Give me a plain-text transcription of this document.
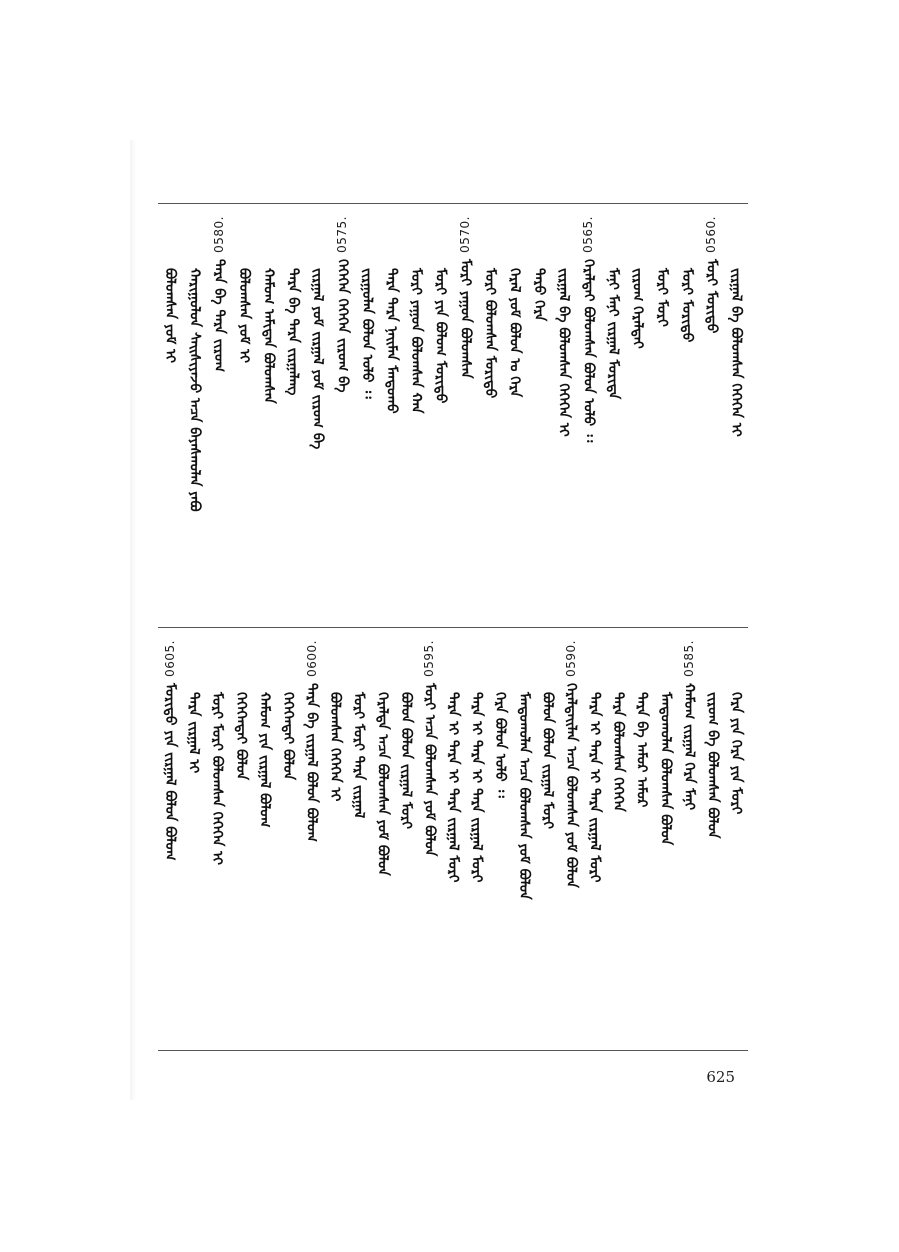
ᠪᠣᠯᠣᠭᠰᠠᠨ ᠶᠤᠮ ᠢ ᠬᠠᠷᠢᠭᠤᠯᠤᠨ ᠰᠠᠢᠰᠢᠶᠠᠵᠤ ᠠᠴᠠ ᠪᠠᠶᠠᠰᠬᠤᠯᠠᠨ ᠶᠠᠪᠤ
0580.
ᠲᠡᠷᠡ ᠪᠡ ᠲᠡᠷᠡ ᠵᠢᠷᠤᠭ ᠪᠣᠯᠣᠭᠰᠠᠨ ᠶᠤᠮ ᠢ ᠬᠠᠮᠤᠭ ᠠᠮᠢᠲᠠᠨ ᠪᠣᠯᠣᠭᠰᠠᠨ ᠲᠡᠷᠡ ᠪᠡ ᠲᠡᠷᠡ ᠵᠢᠷᠭᠠᠯᠠᠩ ᠵᠢᠷᠭᠠᠯ ᠶᠤᠮ ᠵᠢᠷᠭᠠᠯ ᠶᠤᠮ ᠵᠢᠷᠤᠭ ᠪᠠ
0575.
ᠭᠡᠭᠡᠭᠡᠨ ᠭᠡᠭᠡᠭᠡᠨ ᠵᠢᠷᠤᠭ ᠪᠠ ᠵᠢᠷᠭᠤᠯᠠᠨ ᠪᠣᠯᠤᠨ ᠤᠯᠤ ᠄᠄ ᠲᠡᠷᠡ ᠲᠡᠷᠡ ᠨᠠᠢᠮᠠᠨ ᠮᠠᠨᠳᠤᠬᠤ ᠮᠣᠷᠢ ᠶᠠᠭᠤᠨ ᠪᠣᠯᠤᠭᠰᠠᠨ ᠬᠠᠨ ᠮᠣᠷᠢ ᠶᠢᠨ ᠪᠣᠯᠤᠭ ᠮᠣᠷᠢᠲᠤ
0570.
ᠮᠣᠷᠢ ᠶᠠᠭᠤᠨ ᠪᠣᠯᠣᠭᠰᠠᠨ ᠮᠣᠷᠢ ᠪᠣᠯᠣᠭᠰᠠᠨ ᠮᠣᠷᠢᠲᠤ ᠭᠡᠷᠡᠯ ᠶᠤᠮ ᠪᠣᠯᠤᠨ ᠤ ᠭᠡᠷᠡ ᠳᠠᠷᠤ ᠭᠡᠷᠡ ᠵᠢᠷᠭᠠᠯ ᠪᠡ ᠪᠣᠯᠣᠭᠰᠠᠨ ᠭᠡᠭᠡᠭᠡᠨ ᠢ
0565.
ᠭᠡᠷᠡᠯᠲᠡᠢ ᠪᠣᠯᠣᠭᠰᠠᠨ ᠪᠣᠯᠤᠨ ᠤᠯᠤ ᠄᠄ ᠮᠠᠨᠢ ᠮᠠᠨᠢ ᠵᠢᠷᠭᠠᠯ ᠮᠣᠷᠢᠳᠠ ᠵᠢᠷᠤᠭ ᠭᠡᠷᠡᠯᠲᠡᠢ ᠮᠣᠷᠢ ᠮᠣᠷᠢ ᠮᠣᠷᠢ ᠮᠣᠷᠢᠲᠤ
0560.
ᠮᠣᠷᠢ ᠮᠣᠷᠢᠲᠤ ᠵᠢᠷᠭᠠᠯ ᠪᠡ ᠪᠣᠯᠣᠭᠰᠠᠨ ᠭᠡᠭᠡᠭᠡᠨ ᠢ
0605.
ᠮᠣᠷᠢᠲᠤ ᠶᠢᠨ ᠵᠢᠷᠭᠠᠯ ᠪᠣᠯᠤᠨ ᠪᠣᠯᠤᠭ ᠲᠡᠷᠡ ᠵᠢᠷᠭᠠᠯ ᠢ ᠮᠣᠷᠢ ᠮᠣᠷᠢ ᠪᠣᠯᠣᠭᠰᠠᠨ ᠭᠡᠭᠡᠭᠡᠨ ᠢ ᠭᠡᠭᠡᠭᠡᠨᠲᠡᠢ ᠪᠣᠯᠤᠨ ᠬᠠᠮᠤᠭ ᠶᠢᠨ ᠵᠢᠷᠭᠠᠯ ᠪᠣᠯᠤᠭ ᠭᠡᠭᠡᠭᠡᠨᠲᠡᠢ ᠪᠣᠯᠤᠨ
0600.
ᠲᠡᠷᠡ ᠪᠡ ᠵᠢᠷᠭᠠᠯ ᠪᠣᠯᠤᠨ ᠪᠣᠯᠤᠭ ᠪᠣᠯᠣᠭᠰᠠᠨ ᠭᠡᠭᠡᠭᠡᠨ ᠢ ᠮᠣᠷᠢ ᠮᠣᠷᠢ ᠲᠡᠷᠡ ᠵᠢᠷᠭᠠᠯ ᠭᠡᠷᠡᠯᠲᠡ ᠠᠴᠠ ᠪᠣᠯᠣᠭᠰᠠᠨ ᠶᠤᠮ ᠪᠣᠯᠤᠨ ᠪᠣᠯᠤᠨ ᠪᠣᠯᠤᠨ ᠵᠢᠷᠭᠠᠯ ᠮᠣᠷᠢ
0595.
ᠮᠣᠷᠢ ᠠᠴᠠ ᠪᠣᠯᠣᠭᠰᠠᠨ ᠶᠤᠮ ᠪᠣᠯᠤᠨ ᠲᠡᠷᠡ ᠢ ᠲᠡᠷᠡ ᠢ ᠲᠡᠷᠡ ᠵᠢᠷᠭᠠᠯ ᠮᠣᠷᠢ ᠲᠡᠷᠡ ᠢ ᠲᠡᠷᠡ ᠢ ᠲᠡᠷᠡ ᠵᠢᠷᠭᠠᠯ ᠮᠣᠷᠢ ᠭᠡᠷᠡ ᠪᠣᠯᠤᠨ ᠤᠯᠤ ᠄᠄ ᠮᠠᠨᠳᠤᠬᠤᠯᠠᠨ ᠠᠴᠠ ᠪᠣᠯᠣᠭᠰᠠᠨ ᠶᠤᠮ ᠪᠣᠯᠤᠨ ᠪᠣᠯᠤᠨ ᠪᠣᠯᠤᠨ ᠵᠢᠷᠭᠠᠯ ᠮᠣᠷᠢ
0590.
ᠭᠡᠷᠡᠯᠲᠡᠢᠯᠡᠨ ᠠᠴᠠ ᠪᠣᠯᠣᠭᠰᠠᠨ ᠶᠤᠮ ᠪᠣᠯᠤᠨ ᠲᠡᠷᠡ ᠢ ᠲᠡᠷᠡ ᠢ ᠲᠡᠷᠡ ᠵᠢᠷᠭᠠᠯ ᠮᠣᠷᠢ ᠲᠡᠷᠡ ᠪᠣᠯᠣᠭᠰᠠᠨ ᠭᠡᠭᠡᠭᠡᠨ ᠲᠡᠷᠡ ᠪᠡ ᠠᠮᠤᠷ ᠠᠮᠤᠷ ᠮᠠᠨᠳᠤᠬᠤᠯᠠᠨ ᠪᠣᠯᠣᠭᠰᠠᠨ ᠪᠣᠯᠤᠨ
0585.
ᠬᠠᠮᠤᠭ ᠵᠢᠷᠭᠠᠯ ᠭᠡᠷᠡ ᠮᠠᠨᠢ ᠵᠢᠷᠤᠭ ᠪᠠ ᠪᠣᠯᠣᠭᠰᠠᠨ ᠪᠣᠯᠤᠨ ᠭᠡᠷᠡ ᠶᠢᠨ ᠭᠡᠷᠡ ᠶᠢᠨ ᠮᠣᠷᠢ
625
